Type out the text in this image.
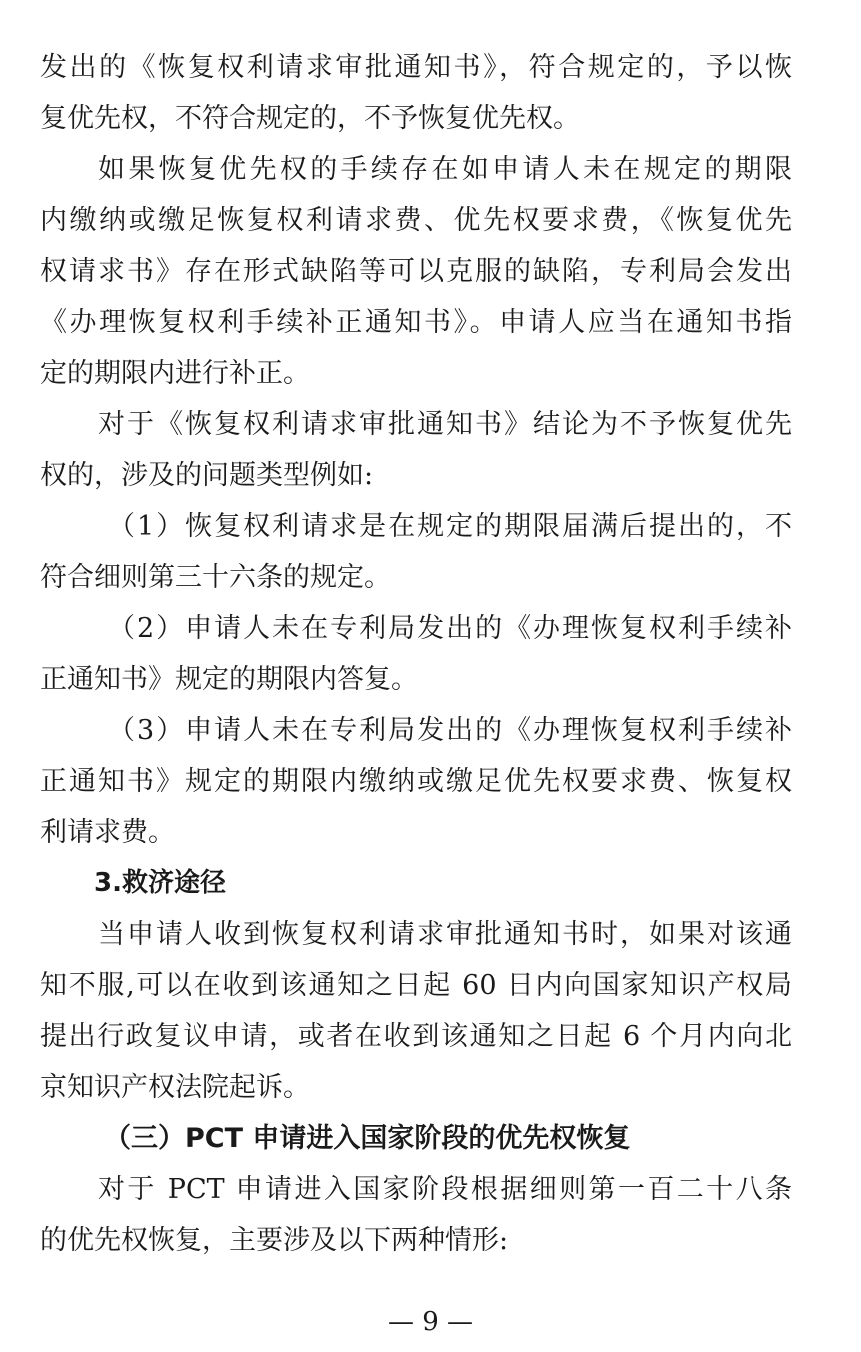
发出的《恢复权利请求审批通知书》，符合规定的，予以恢
复优先权，不符合规定的，不予恢复优先权。
如果恢复优先权的手续存在如申请人未在规定的期限
内缴纳或缴足恢复权利请求费、优先权要求费，《恢复优先
权请求书》存在形式缺陷等可以克服的缺陷，专利局会发出
《办理恢复权利手续补正通知书》。申请人应当在通知书指
定的期限内进行补正。
对于《恢复权利请求审批通知书》结论为不予恢复优先
权的，涉及的问题类型例如:
（1）恢复权利请求是在规定的期限届满后提出的，不
符合细则第三十六条的规定。
（2）申请人未在专利局发出的《办理恢复权利手续补
正通知书》规定的期限内答复。
（3）申请人未在专利局发出的《办理恢复权利手续补
正通知书》规定的期限内缴纳或缴足优先权要求费、恢复权
利请求费。
3.救济途径
当申请人收到恢复权利请求审批通知书时，如果对该通
知不服,可以在收到该通知之日起 60 日内向国家知识产权局
提出行政复议申请，或者在收到该通知之日起 6 个月内向北
京知识产权法院起诉。
（三）PCT 申请进入国家阶段的优先权恢复
对于 PCT 申请进入国家阶段根据细则第一百二十八条
的优先权恢复，主要涉及以下两种情形:
— 9 —
